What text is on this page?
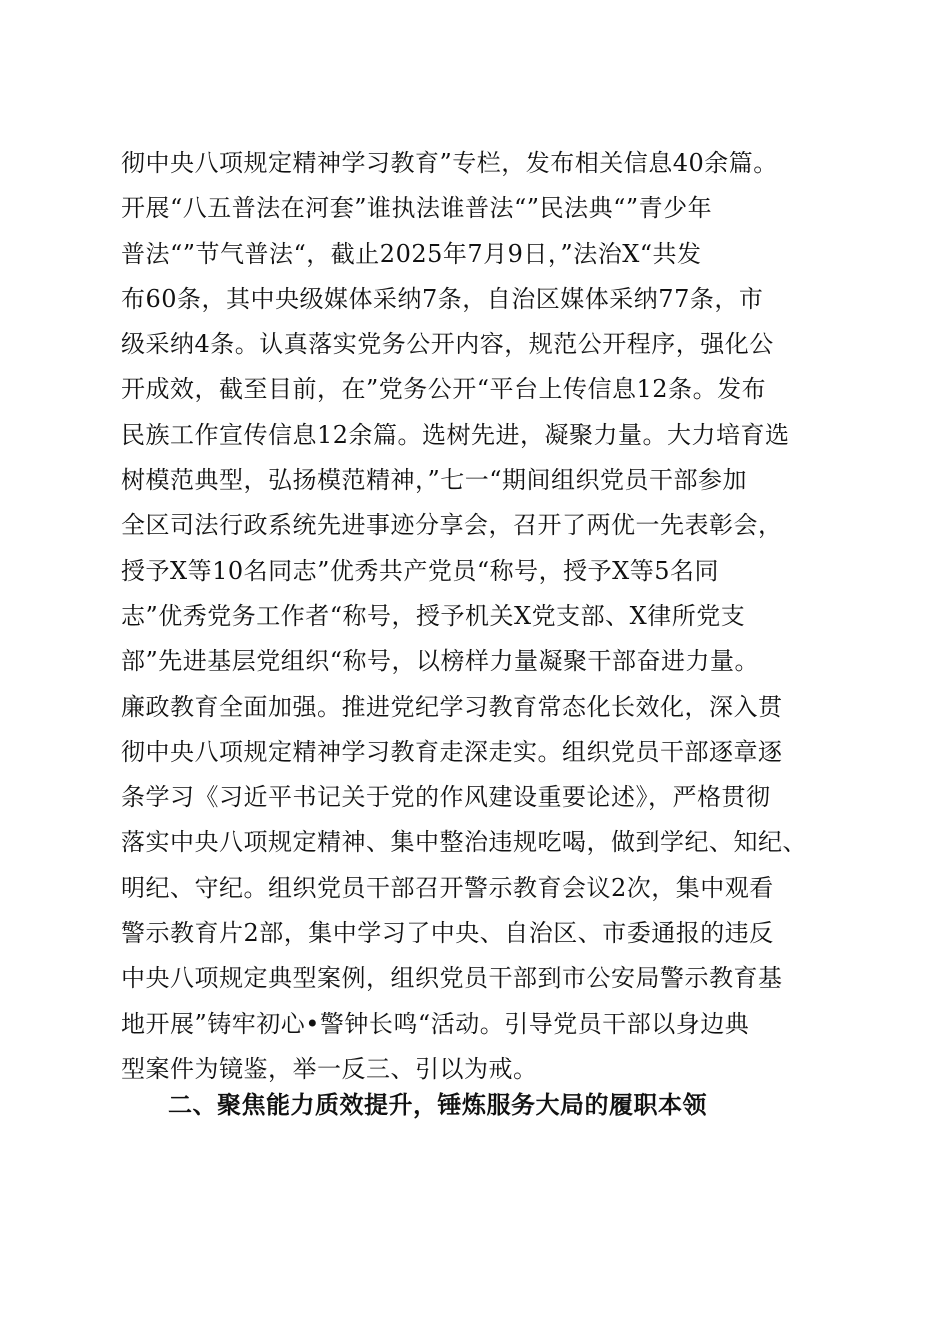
彻中央八项规定精神学习教育”专栏，发布相关信息40余篇。
开展“八五普法在河套”谁执法谁普法“”民法典“”青少年
普法“”节气普法“，截止2025年7月9日，”法治X“共发
布60条，其中央级媒体采纳7条，自治区媒体采纳77条，市
级采纳4条。认真落实党务公开内容，规范公开程序，强化公
开成效，截至目前，在”党务公开“平台上传信息12条。发布
民族工作宣传信息12余篇。选树先进，凝聚力量。大力培育选
树模范典型，弘扬模范精神，”七一“期间组织党员干部参加
全区司法行政系统先进事迹分享会，召开了两优一先表彰会，
授予X等10名同志”优秀共产党员“称号，授予X等5名同
志”优秀党务工作者“称号，授予机关X党支部、X律所党支
部”先进基层党组织“称号，以榜样力量凝聚干部奋进力量。
廉政教育全面加强。推进党纪学习教育常态化长效化，深入贯
彻中央八项规定精神学习教育走深走实。组织党员干部逐章逐
条学习《习近平书记关于党的作风建设重要论述》，严格贯彻
落实中央八项规定精神、集中整治违规吃喝，做到学纪、知纪、
明纪、守纪。组织党员干部召开警示教育会议2次，集中观看
警示教育片2部，集中学习了中央、自治区、市委通报的违反
中央八项规定典型案例，组织党员干部到市公安局警示教育基
地开展”铸牢初心•警钟长鸣“活动。引导党员干部以身边典
型案件为镜鉴，举一反三、引以为戒。
二、聚焦能力质效提升，锤炼服务大局的履职本领
